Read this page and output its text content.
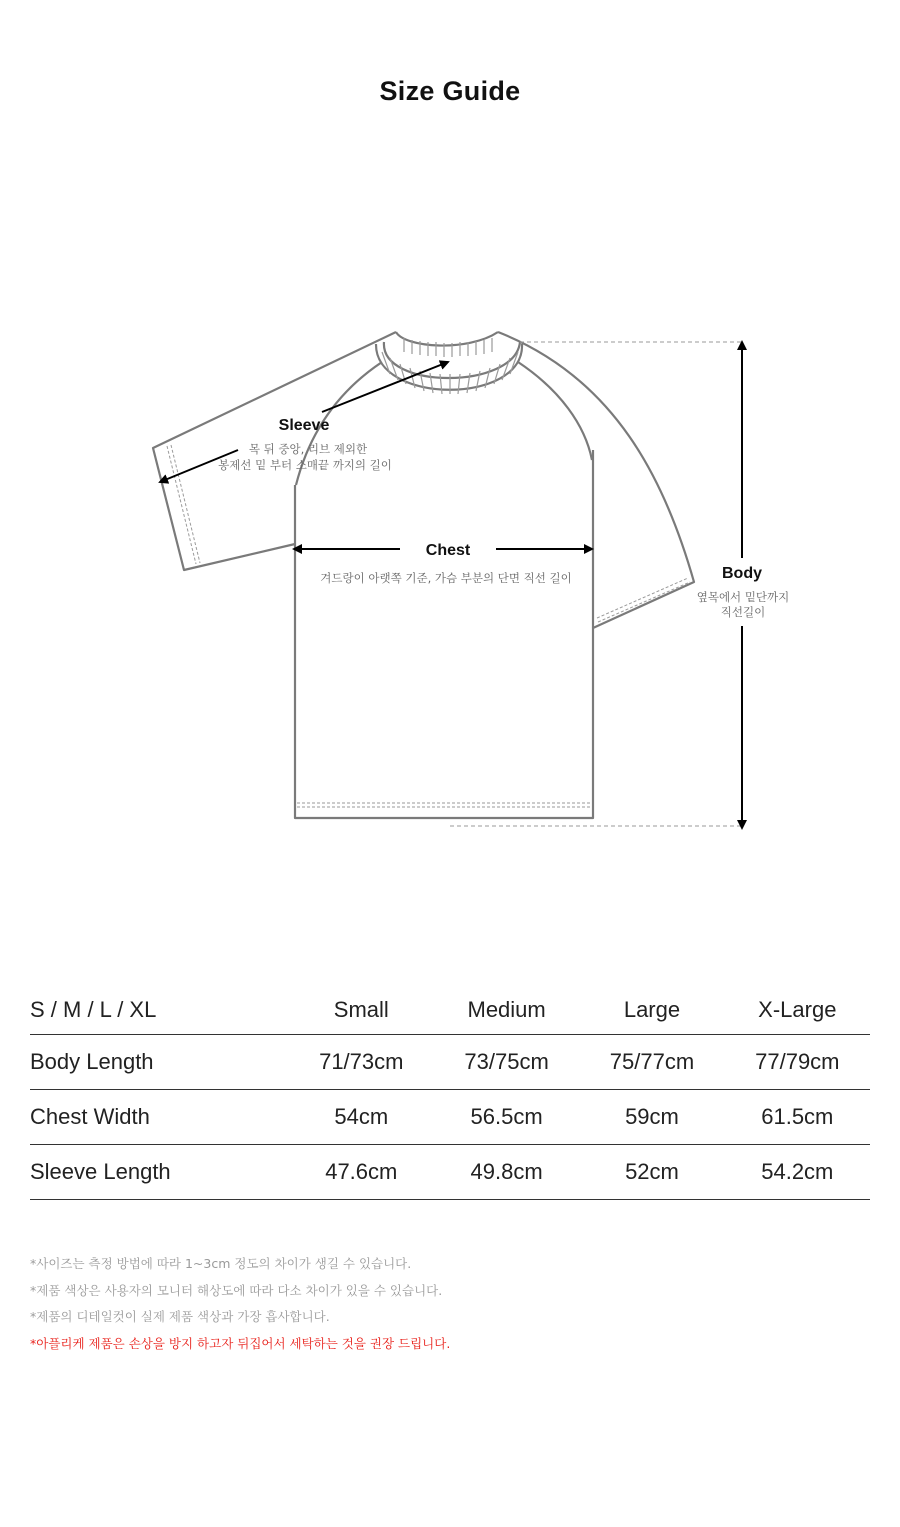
Size Guide
Sleeve
목 뒤 중앙, 리브 제외한
봉제선 밑 부터 소매끝 까지의 길이
Chest
겨드랑이 아랫쪽 기준, 가슴 부분의 단면 직선 길이	Body
옆목에서 밑단까지
직선길이
S / M / L / XL	Small	Medium	Large	X-Large
Body Length	71/73cm	73/75cm	75/77cm	77/79cm
Chest Width	54cm	56.5cm	59cm	61.5cm
Sleeve Length	47.6cm	49.8cm	52cm	54.2cm
*사이즈는 측정 방법에 따라 1~3cm 정도의 차이가 생길 수 있습니다.
*제품 색상은 사용자의 모니터 해상도에 따라 다소 차이가 있을 수 있습니다.
*제품의 디테일컷이 실제 제품 색상과 가장 흡사합니다.
*아플리케 제품은 손상을 방지 하고자 뒤집어서 세탁하는 것을 권장 드립니다.
